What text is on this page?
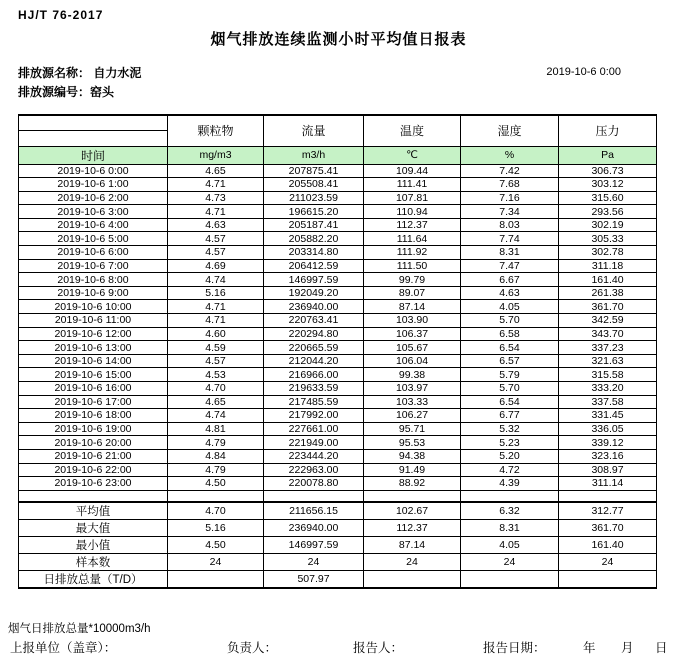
HJ/T 76-2017
烟气排放连续监测小时平均值日报表
排放源名称： 自力水泥	2019-10-6 0:00
排放源编号：窑头
	颗粒物	流量	温度	湿度	压力

时间	mg/m3	m3/h	℃	%	Pa
2019-10-6 0:00	4.65	207875.41	109.44	7.42	306.73
2019-10-6 1:00	4.71	205508.41	111.41	7.68	303.12
2019-10-6 2:00	4.73	211023.59	107.81	7.16	315.60
2019-10-6 3:00	4.71	196615.20	110.94	7.34	293.56
2019-10-6 4:00	4.63	205187.41	112.37	8.03	302.19
2019-10-6 5:00	4.57	205882.20	111.64	7.74	305.33
2019-10-6 6:00	4.57	203314.80	111.92	8.31	302.78
2019-10-6 7:00	4.69	206412.59	111.50	7.47	311.18
2019-10-6 8:00	4.74	146997.59	99.79	6.67	161.40
2019-10-6 9:00	5.16	192049.20	89.07	4.63	261.38
2019-10-6 10:00	4.71	236940.00	87.14	4.05	361.70
2019-10-6 11:00	4.71	220763.41	103.90	5.70	342.59
2019-10-6 12:00	4.60	220294.80	106.37	6.58	343.70
2019-10-6 13:00	4.59	220665.59	105.67	6.54	337.23
2019-10-6 14:00	4.57	212044.20	106.04	6.57	321.63
2019-10-6 15:00	4.53	216966.00	99.38	5.79	315.58
2019-10-6 16:00	4.70	219633.59	103.97	5.70	333.20
2019-10-6 17:00	4.65	217485.59	103.33	6.54	337.58
2019-10-6 18:00	4.74	217992.00	106.27	6.77	331.45
2019-10-6 19:00	4.81	227661.00	95.71	5.32	336.05
2019-10-6 20:00	4.79	221949.00	95.53	5.23	339.12
2019-10-6 21:00	4.84	223444.20	94.38	5.20	323.16
2019-10-6 22:00	4.79	222963.00	91.49	4.72	308.97
2019-10-6 23:00	4.50	220078.80	88.92	4.39	311.14

平均值	4.70	211656.15	102.67	6.32	312.77
最大值	5.16	236940.00	112.37	8.31	361.70
最小值	4.50	146997.59	87.14	4.05	161.40
样本数	24	24	24	24	24
日排放总量（T/D）		507.97			
烟气日排放总量*10000m3/h
上报单位（盖章）：	负责人：	报告人：	报告日期：	年 月 日
